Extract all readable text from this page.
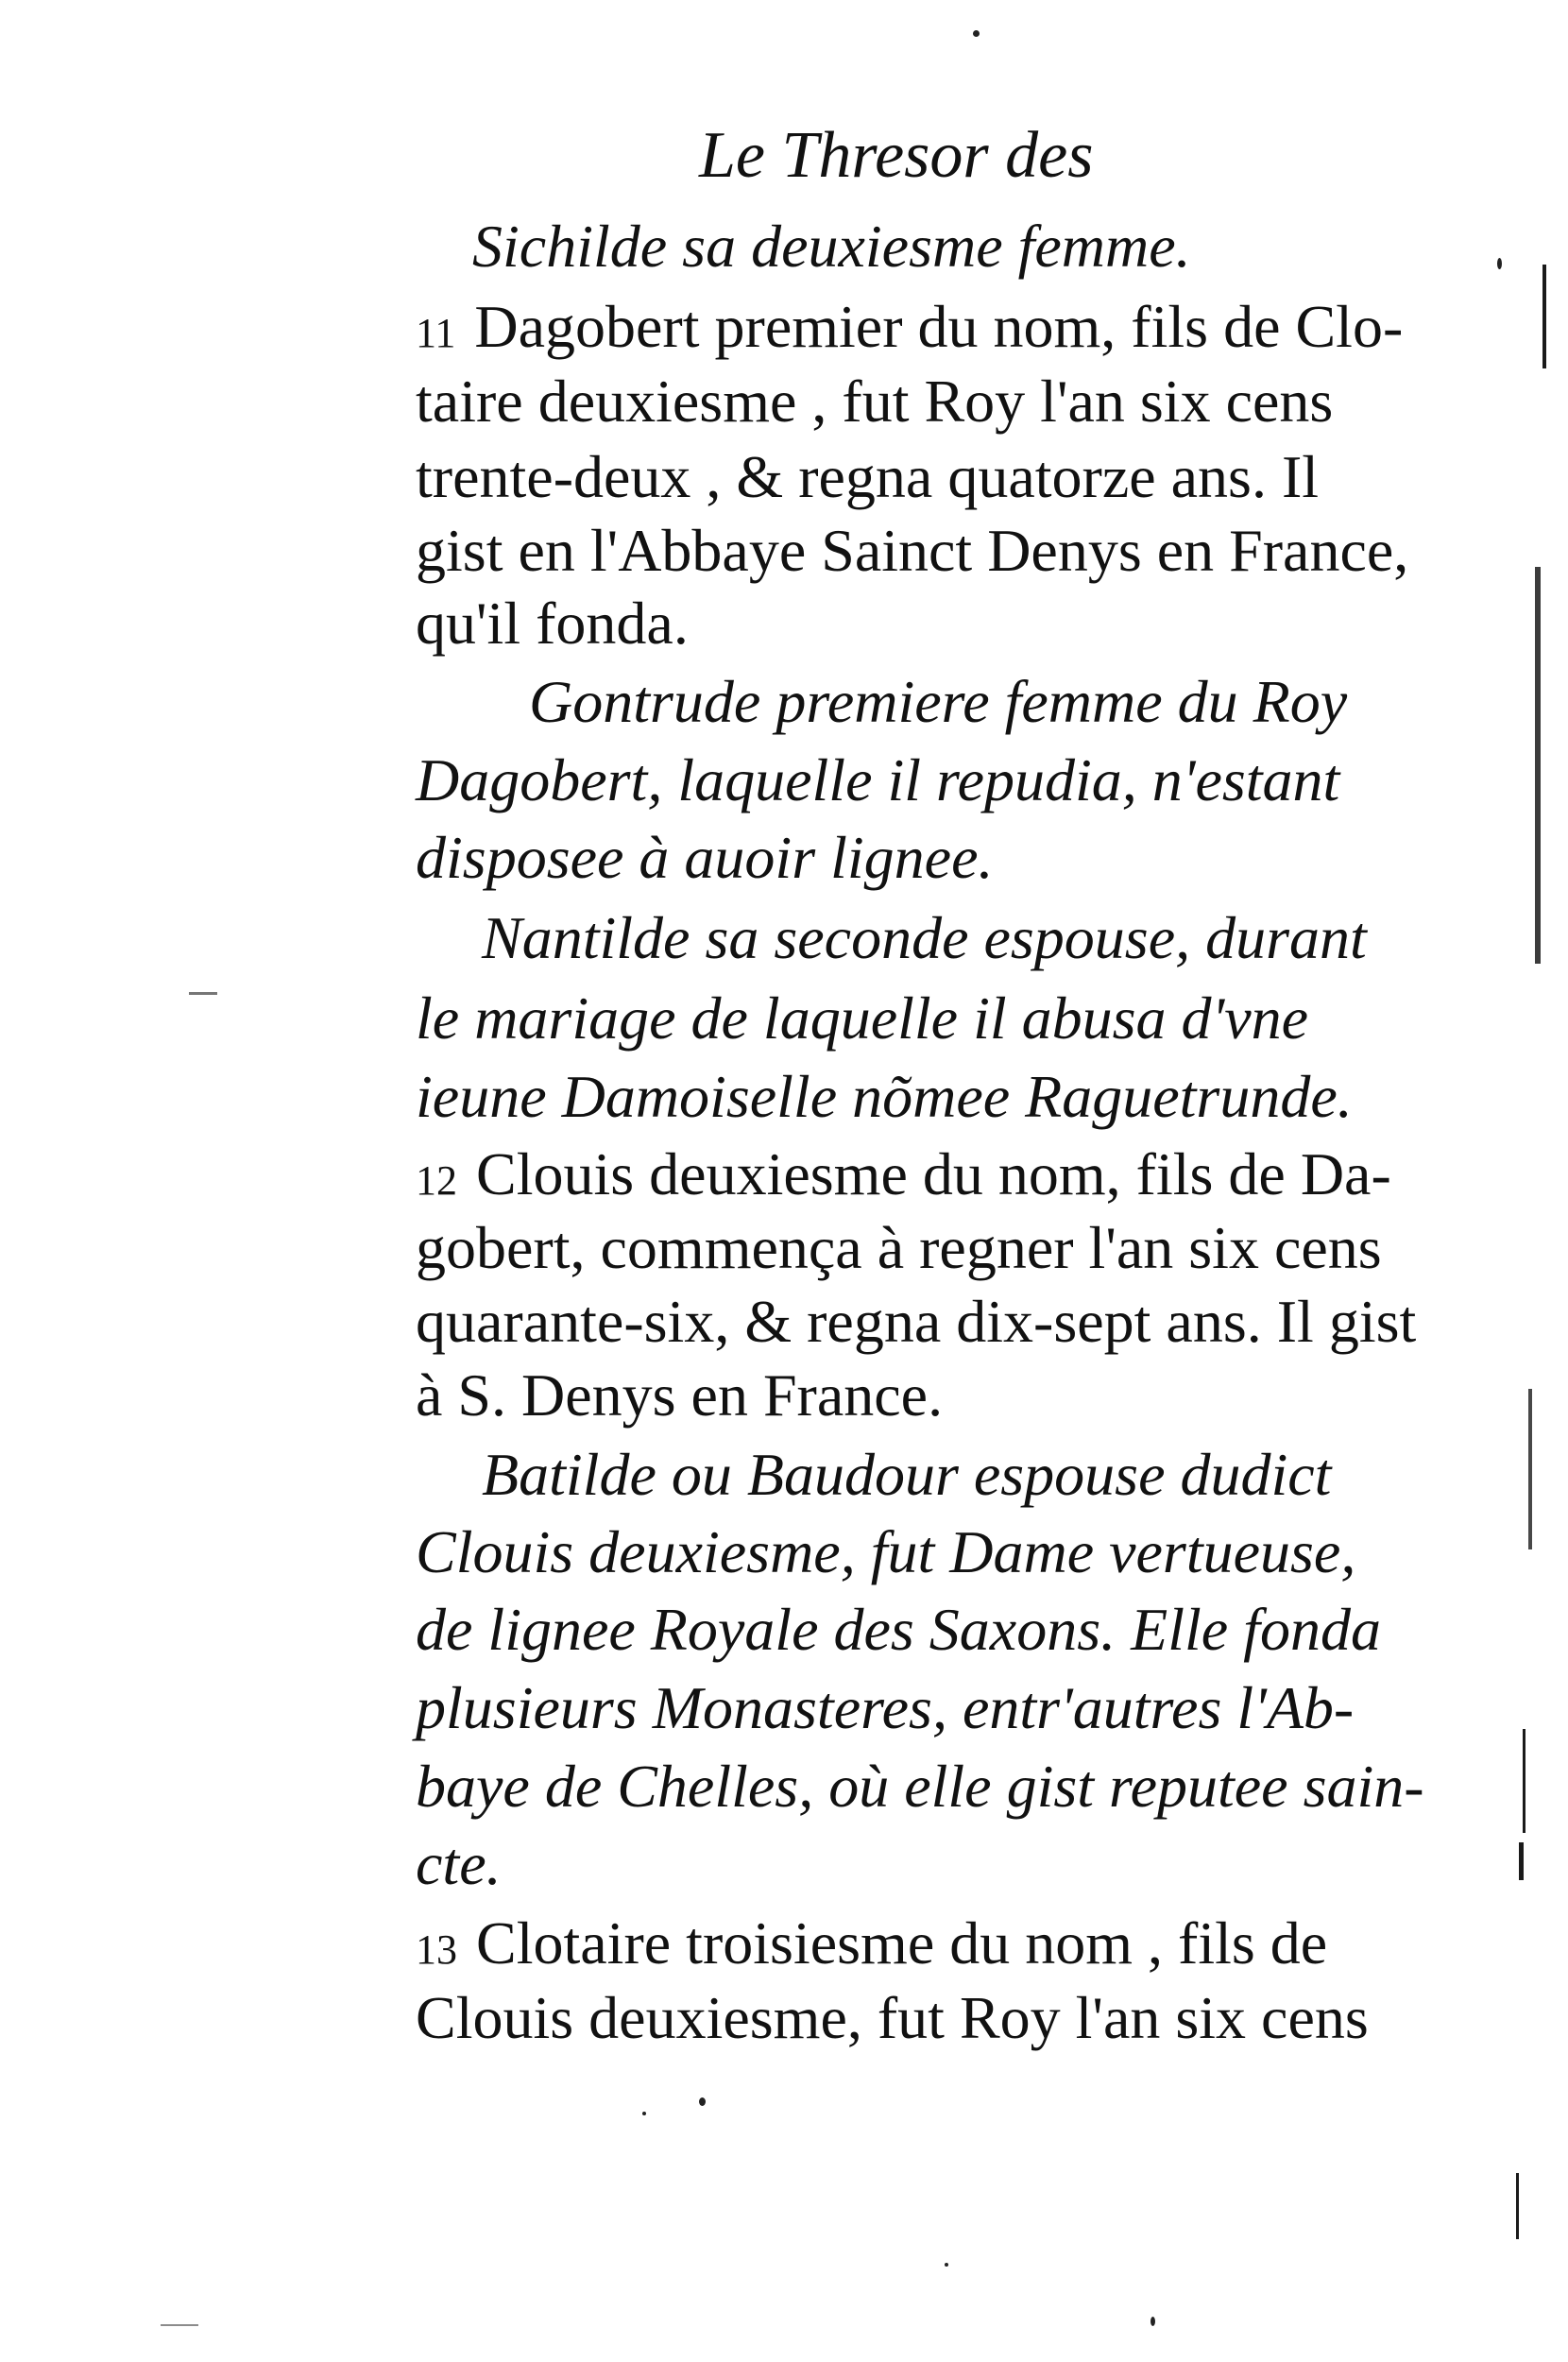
Le Thresor des
Sichilde sa deuxiesme femme.
11 Dagobert premier du nom, fils de Clo-
taire deuxiesme , fut Roy l'an six cens
trente-deux , & regna quatorze ans. Il
gist en l'Abbaye Sainct Denys en France,
qu'il fonda.
Gontrude premiere femme du Roy
Dagobert, laquelle il repudia, n'estant
disposee à auoir lignee.
Nantilde sa seconde espouse, durant
le mariage de laquelle il abusa d'vne
ieune Damoiselle nõmee Raguetrunde.
12 Clouis deuxiesme du nom, fils de Da-
gobert, commença à regner l'an six cens
quarante-six, & regna dix-sept ans. Il gist
à S. Denys en France.
Batilde ou Baudour espouse dudict
Clouis deuxiesme, fut Dame vertueuse,
de lignee Royale des Saxons. Elle fonda
plusieurs Monasteres, entr'autres l'Ab-
baye de Chelles, où elle gist reputee sain-
cte.
13 Clotaire troisiesme du nom , fils de
Clouis deuxiesme, fut Roy l'an six cens
